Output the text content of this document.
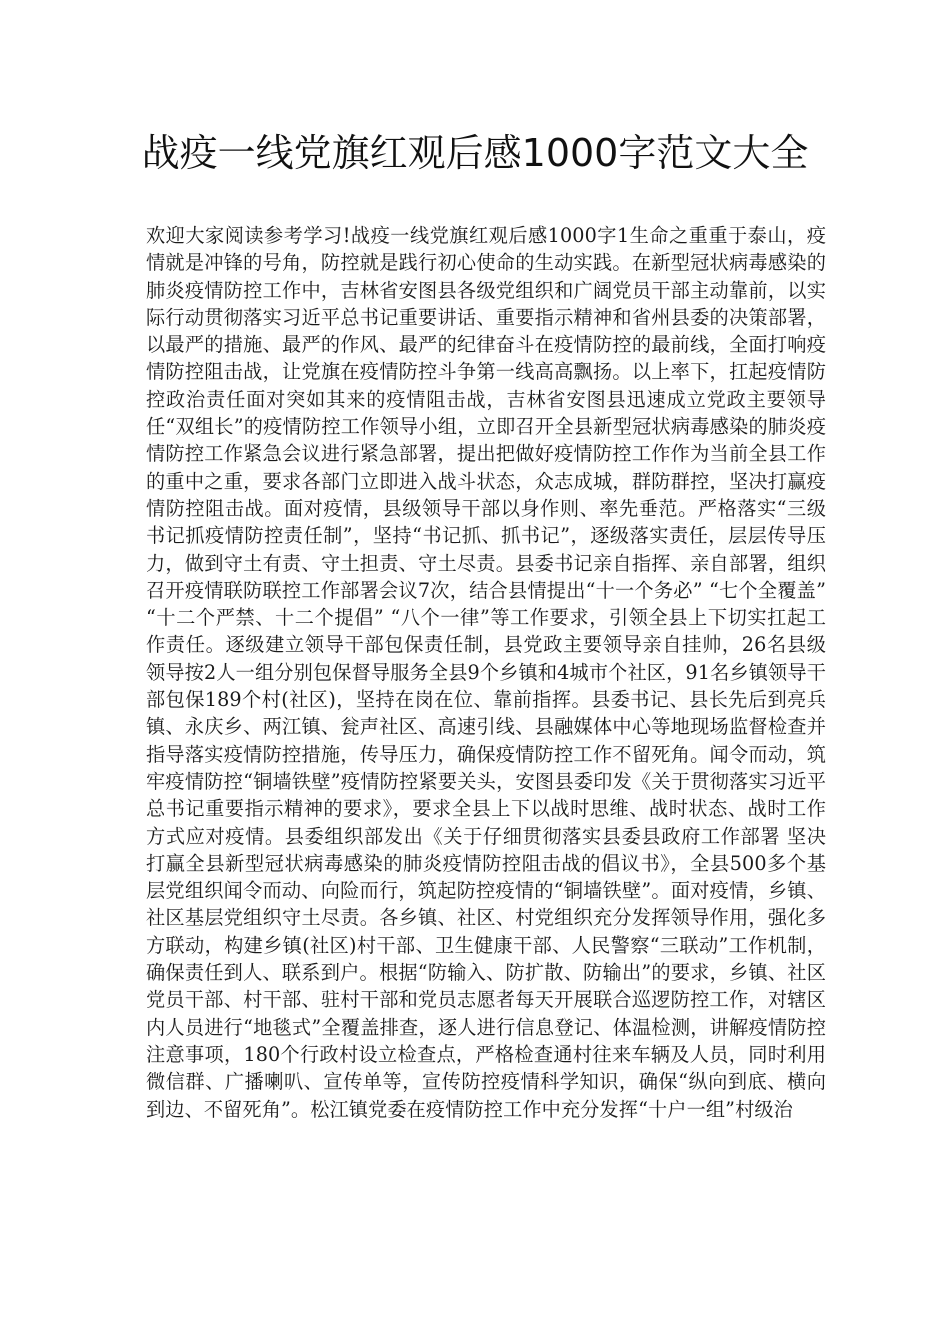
战疫一线党旗红观后感1000字范文大全

欢迎大家阅读参考学习!战疫一线党旗红观后感1000字1生命之重重于泰山，疫情就是冲锋的号角，防控就是践行初心使命的生动实践。在新型冠状病毒感染的肺炎疫情防控工作中，吉林省安图县各级党组织和广阔党员干部主动靠前，以实际行动贯彻落实习近平总书记重要讲话、重要指示精神和省州县委的决策部署，以最严的措施、最严的作风、最严的纪律奋斗在疫情防控的最前线，全面打响疫情防控阻击战，让党旗在疫情防控斗争第一线高高飘扬。以上率下，扛起疫情防控政治责任面对突如其来的疫情阻击战，吉林省安图县迅速成立党政主要领导任“双组长”的疫情防控工作领导小组，立即召开全县新型冠状病毒感染的肺炎疫情防控工作紧急会议进行紧急部署，提出把做好疫情防控工作作为当前全县工作的重中之重，要求各部门立即进入战斗状态，众志成城，群防群控，坚决打赢疫情防控阻击战。面对疫情，县级领导干部以身作则、率先垂范。严格落实“三级书记抓疫情防控责任制”，坚持“书记抓、抓书记”，逐级落实责任，层层传导压力，做到守土有责、守土担责、守土尽责。县委书记亲自指挥、亲自部署，组织召开疫情联防联控工作部署会议7次，结合县情提出“十一个务必” “七个全覆盖” “十二个严禁、十二个提倡” “八个一律”等工作要求，引领全县上下切实扛起工作责任。逐级建立领导干部包保责任制，县党政主要领导亲自挂帅，26名县级领导按2人一组分别包保督导服务全县9个乡镇和4城市个社区，91名乡镇领导干部包保189个村(社区)，坚持在岗在位、靠前指挥。县委书记、县长先后到亮兵镇、永庆乡、两江镇、瓮声社区、高速引线、县融媒体中心等地现场监督检查并指导落实疫情防控措施，传导压力，确保疫情防控工作不留死角。闻令而动，筑牢疫情防控“铜墙铁壁”疫情防控紧要关头，安图县委印发《关于贯彻落实习近平总书记重要指示精神的要求》，要求全县上下以战时思维、战时状态、战时工作方式应对疫情。县委组织部发出《关于仔细贯彻落实县委县政府工作部署 坚决打赢全县新型冠状病毒感染的肺炎疫情防控阻击战的倡议书》，全县500多个基层党组织闻令而动、向险而行，筑起防控疫情的“铜墙铁壁”。面对疫情，乡镇、社区基层党组织守土尽责。各乡镇、社区、村党组织充分发挥领导作用，强化多方联动，构建乡镇(社区)村干部、卫生健康干部、人民警察“三联动”工作机制，确保责任到人、联系到户。根据“防输入、防扩散、防输出”的要求，乡镇、社区党员干部、村干部、驻村干部和党员志愿者每天开展联合巡逻防控工作，对辖区内人员进行“地毯式”全覆盖排查，逐人进行信息登记、体温检测，讲解疫情防控注意事项，180个行政村设立检查点，严格检查通村往来车辆及人员，同时利用微信群、广播喇叭、宣传单等，宣传防控疫情科学知识，确保“纵向到底、横向到边、不留死角”。松江镇党委在疫情防控工作中充分发挥“十户一组”村级治
